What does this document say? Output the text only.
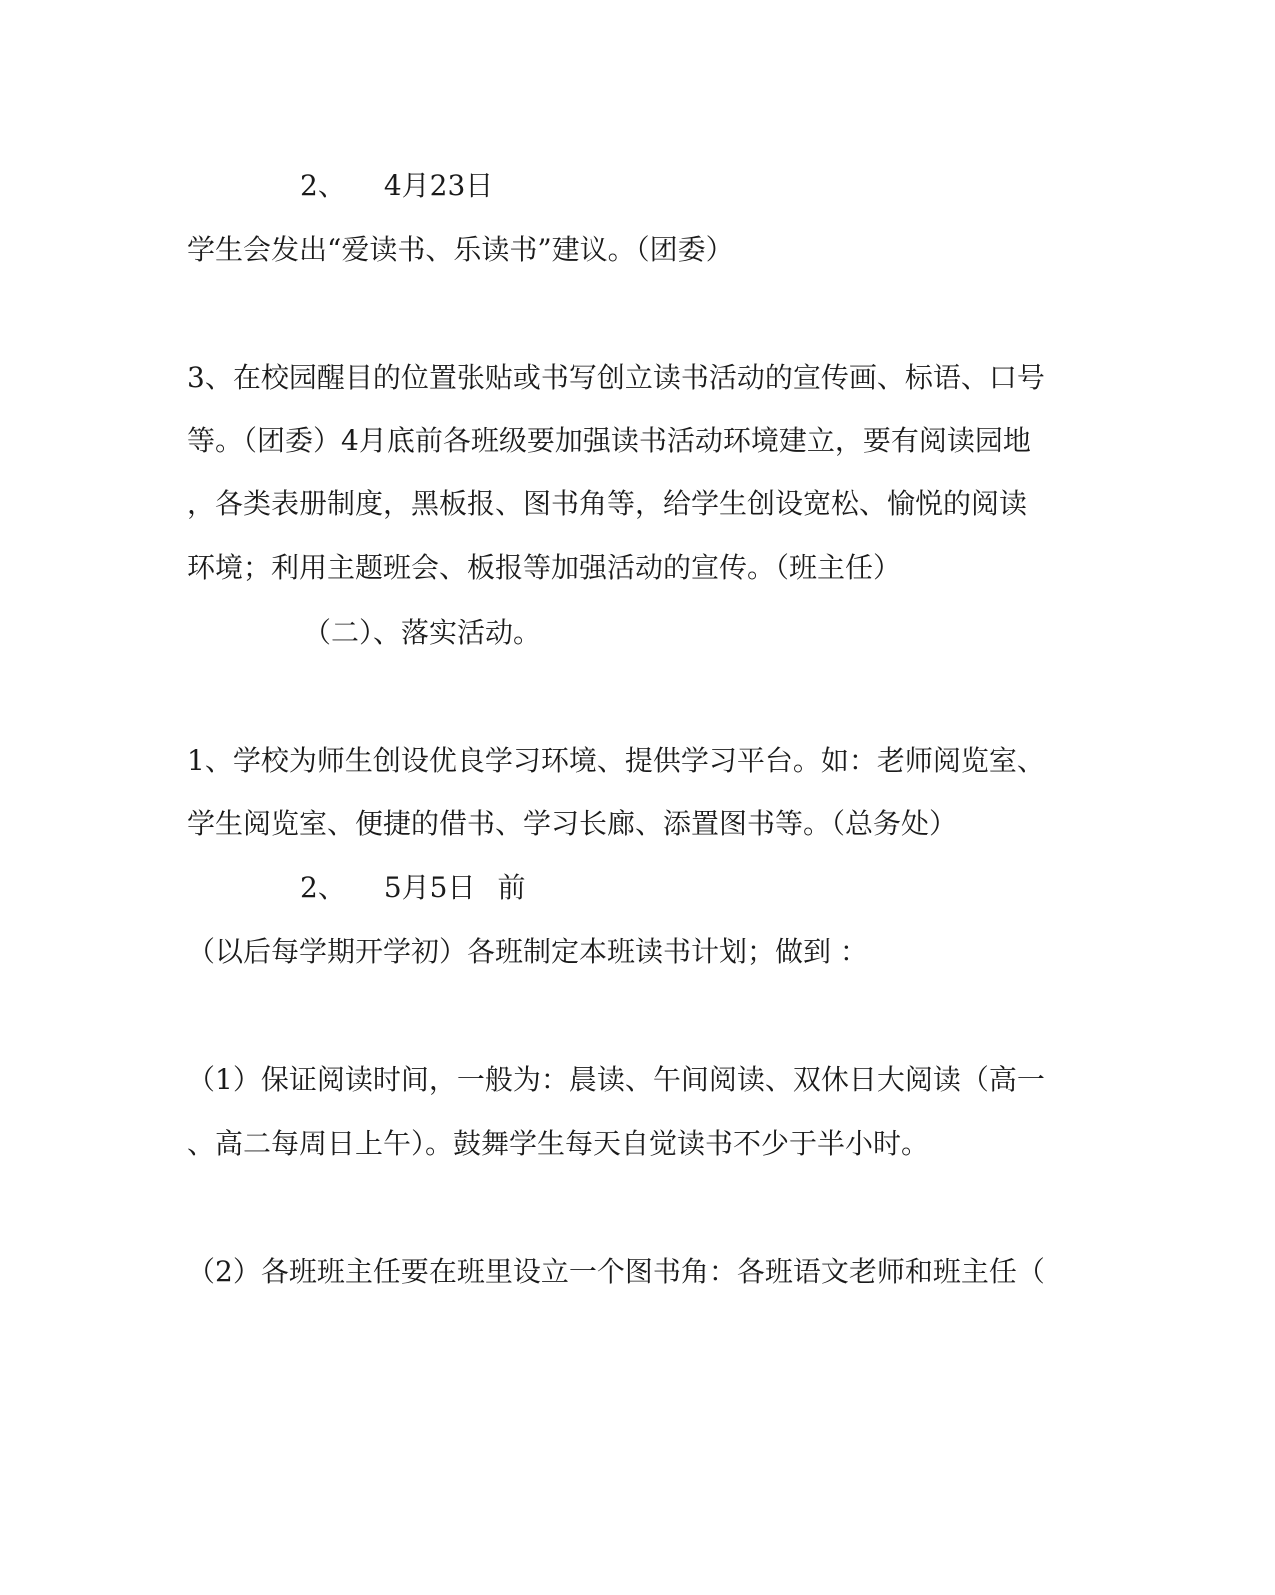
2、 4月23日
学生会发出“爱读书、乐读书”建议。（团委）
3、在校园醒目的位置张贴或书写创立读书活动的宣传画、标语、口号
等。（团委）4月底前各班级要加强读书活动环境建立，要有阅读园地
，各类表册制度，黑板报、图书角等，给学生创设宽松、愉悦的阅读
环境；利用主题班会、板报等加强活动的宣传。（班主任）
（二）、落实活动。
1、学校为师生创设优良学习环境、提供学习平台。如：老师阅览室、
学生阅览室、便捷的借书、学习长廊、添置图书等。（总务处）
2、 5月5日 前
（以后每学期开学初）各班制定本班读书计划；做到 ：
（1）保证阅读时间，一般为：晨读、午间阅读、双休日大阅读（高一
、高二每周日上午）。鼓舞学生每天自觉读书不少于半小时。
（2）各班班主任要在班里设立一个图书角：各班语文老师和班主任（
